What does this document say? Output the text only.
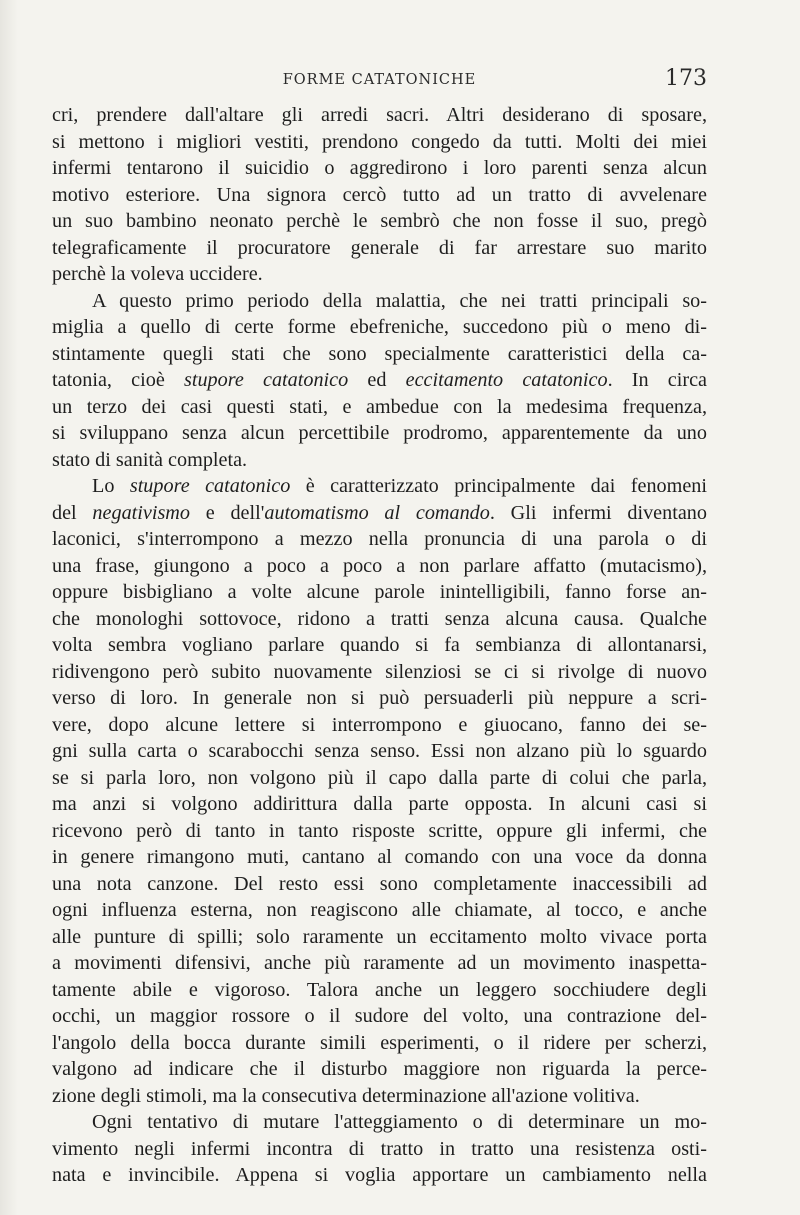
FORME CATATONICHE	173
cri, prendere dall'altare gli arredi sacri. Altri desiderano di sposare,
si mettono i migliori vestiti, prendono congedo da tutti. Molti dei miei
infermi tentarono il suicidio o aggredirono i loro parenti senza alcun
motivo esteriore. Una signora cercò tutto ad un tratto di avvelenare
un suo bambino neonato perchè le sembrò che non fosse il suo, pregò
telegraficamente il procuratore generale di far arrestare suo marito
perchè la voleva uccidere.
A questo primo periodo della malattia, che nei tratti principali so-
miglia a quello di certe forme ebefreniche, succedono più o meno di-
stintamente quegli stati che sono specialmente caratteristici della ca-
tatonia, cioè stupore catatonico ed eccitamento catatonico. In circa
un terzo dei casi questi stati, e ambedue con la medesima frequenza,
si sviluppano senza alcun percettibile prodromo, apparentemente da uno
stato di sanità completa.
Lo stupore catatonico è caratterizzato principalmente dai fenomeni
del negativismo e dell'automatismo al comando. Gli infermi diventano
laconici, s'interrompono a mezzo nella pronuncia di una parola o di
una frase, giungono a poco a poco a non parlare affatto (mutacismo),
oppure bisbigliano a volte alcune parole inintelligibili, fanno forse an-
che monologhi sottovoce, ridono a tratti senza alcuna causa. Qualche
volta sembra vogliano parlare quando si fa sembianza di allontanarsi,
ridivengono però subito nuovamente silenziosi se ci si rivolge di nuovo
verso di loro. In generale non si può persuaderli più neppure a scri-
vere, dopo alcune lettere si interrompono e giuocano, fanno dei se-
gni sulla carta o scarabocchi senza senso. Essi non alzano più lo sguardo
se si parla loro, non volgono più il capo dalla parte di colui che parla,
ma anzi si volgono addirittura dalla parte opposta. In alcuni casi si
ricevono però di tanto in tanto risposte scritte, oppure gli infermi, che
in genere rimangono muti, cantano al comando con una voce da donna
una nota canzone. Del resto essi sono completamente inaccessibili ad
ogni influenza esterna, non reagiscono alle chiamate, al tocco, e anche
alle punture di spilli; solo raramente un eccitamento molto vivace porta
a movimenti difensivi, anche più raramente ad un movimento inaspetta-
tamente abile e vigoroso. Talora anche un leggero socchiudere degli
occhi, un maggior rossore o il sudore del volto, una contrazione del-
l'angolo della bocca durante simili esperimenti, o il ridere per scherzi,
valgono ad indicare che il disturbo maggiore non riguarda la perce-
zione degli stimoli, ma la consecutiva determinazione all'azione volitiva.
Ogni tentativo di mutare l'atteggiamento o di determinare un mo-
vimento negli infermi incontra di tratto in tratto una resistenza osti-
nata e invincibile. Appena si voglia apportare un cambiamento nella
